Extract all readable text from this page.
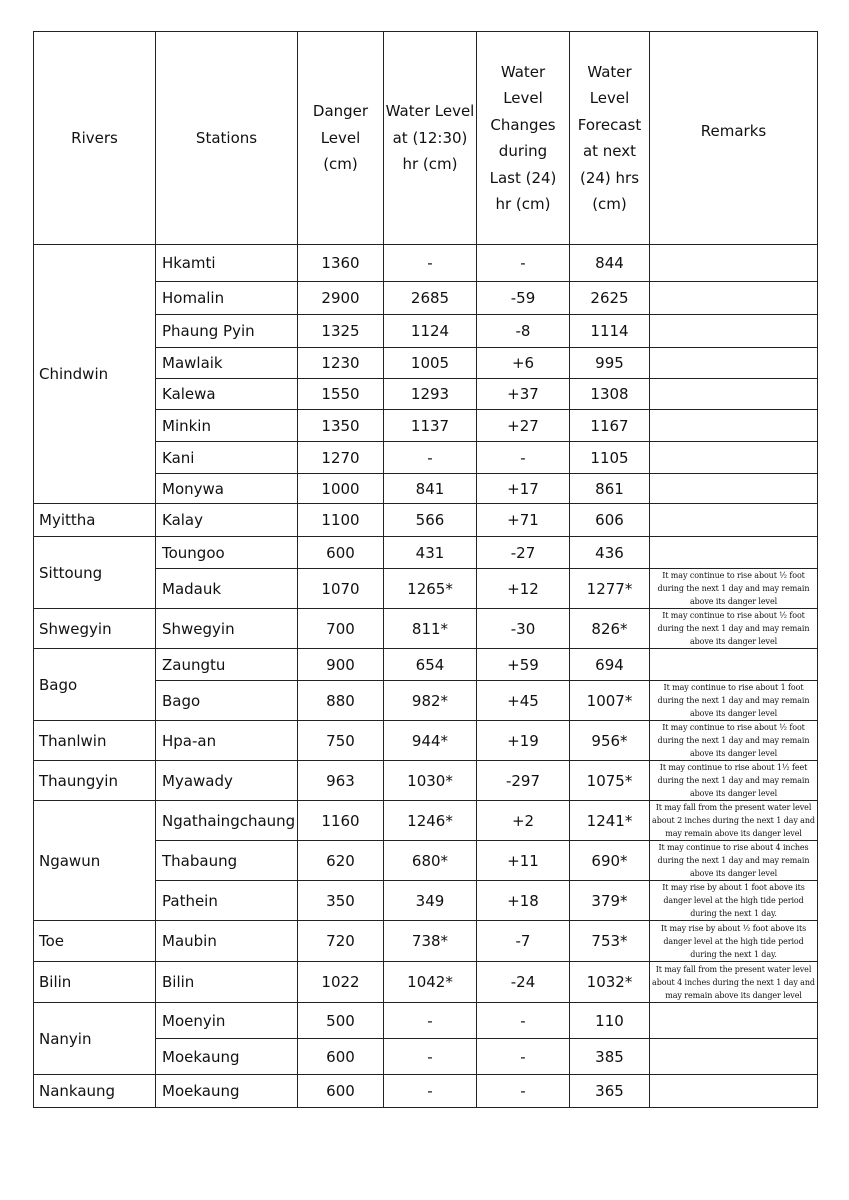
Rivers	Stations	Danger Level (cm)	Water Level at (12:30) hr (cm)	Water Level Changes during Last (24) hr (cm)	Water Level Forecast at next (24) hrs (cm)	Remarks
Chindwin	Hkamti	1360	-	-	844	
	Homalin	2900	2685	-59	2625	
	Phaung Pyin	1325	1124	-8	1114	
	Mawlaik	1230	1005	+6	995	
	Kalewa	1550	1293	+37	1308	
	Minkin	1350	1137	+27	1167	
	Kani	1270	-	-	1105	
	Monywa	1000	841	+17	861	
Myittha	Kalay	1100	566	+71	606	
Sittoung	Toungoo	600	431	-27	436	
	Madauk	1070	1265*	+12	1277*	It may continue to rise about ½ foot during the next 1 day and may remain above its danger level
Shwegyin	Shwegyin	700	811*	-30	826*	It may continue to rise about ½ foot during the next 1 day and may remain above its danger level
Bago	Zaungtu	900	654	+59	694	
	Bago	880	982*	+45	1007*	It may continue to rise about 1 foot during the next 1 day and may remain above its danger level
Thanlwin	Hpa-an	750	944*	+19	956*	It may continue to rise about ½ foot during the next 1 day and may remain above its danger level
Thaungyin	Myawady	963	1030*	-297	1075*	It may continue to rise about 1½ feet during the next 1 day and may remain above its danger level
Ngawun	Ngathaingchaung	1160	1246*	+2	1241*	It may fall from the present water level about 2 inches during the next 1 day and may remain above its danger level
	Thabaung	620	680*	+11	690*	It may continue to rise about 4 inches during the next 1 day and may remain above its danger level
	Pathein	350	349	+18	379*	It may rise by about 1 foot above its danger level at the high tide period during the next 1 day.
Toe	Maubin	720	738*	-7	753*	It may rise by about ½ foot above its danger level at the high tide period during the next 1 day.
Bilin	Bilin	1022	1042*	-24	1032*	It may fall from the present water level about 4 inches during the next 1 day and may remain above its danger level
Nanyin	Moenyin	500	-	-	110	
	Moekaung	600	-	-	385	
Nankaung	Moekaung	600	-	-	365	
